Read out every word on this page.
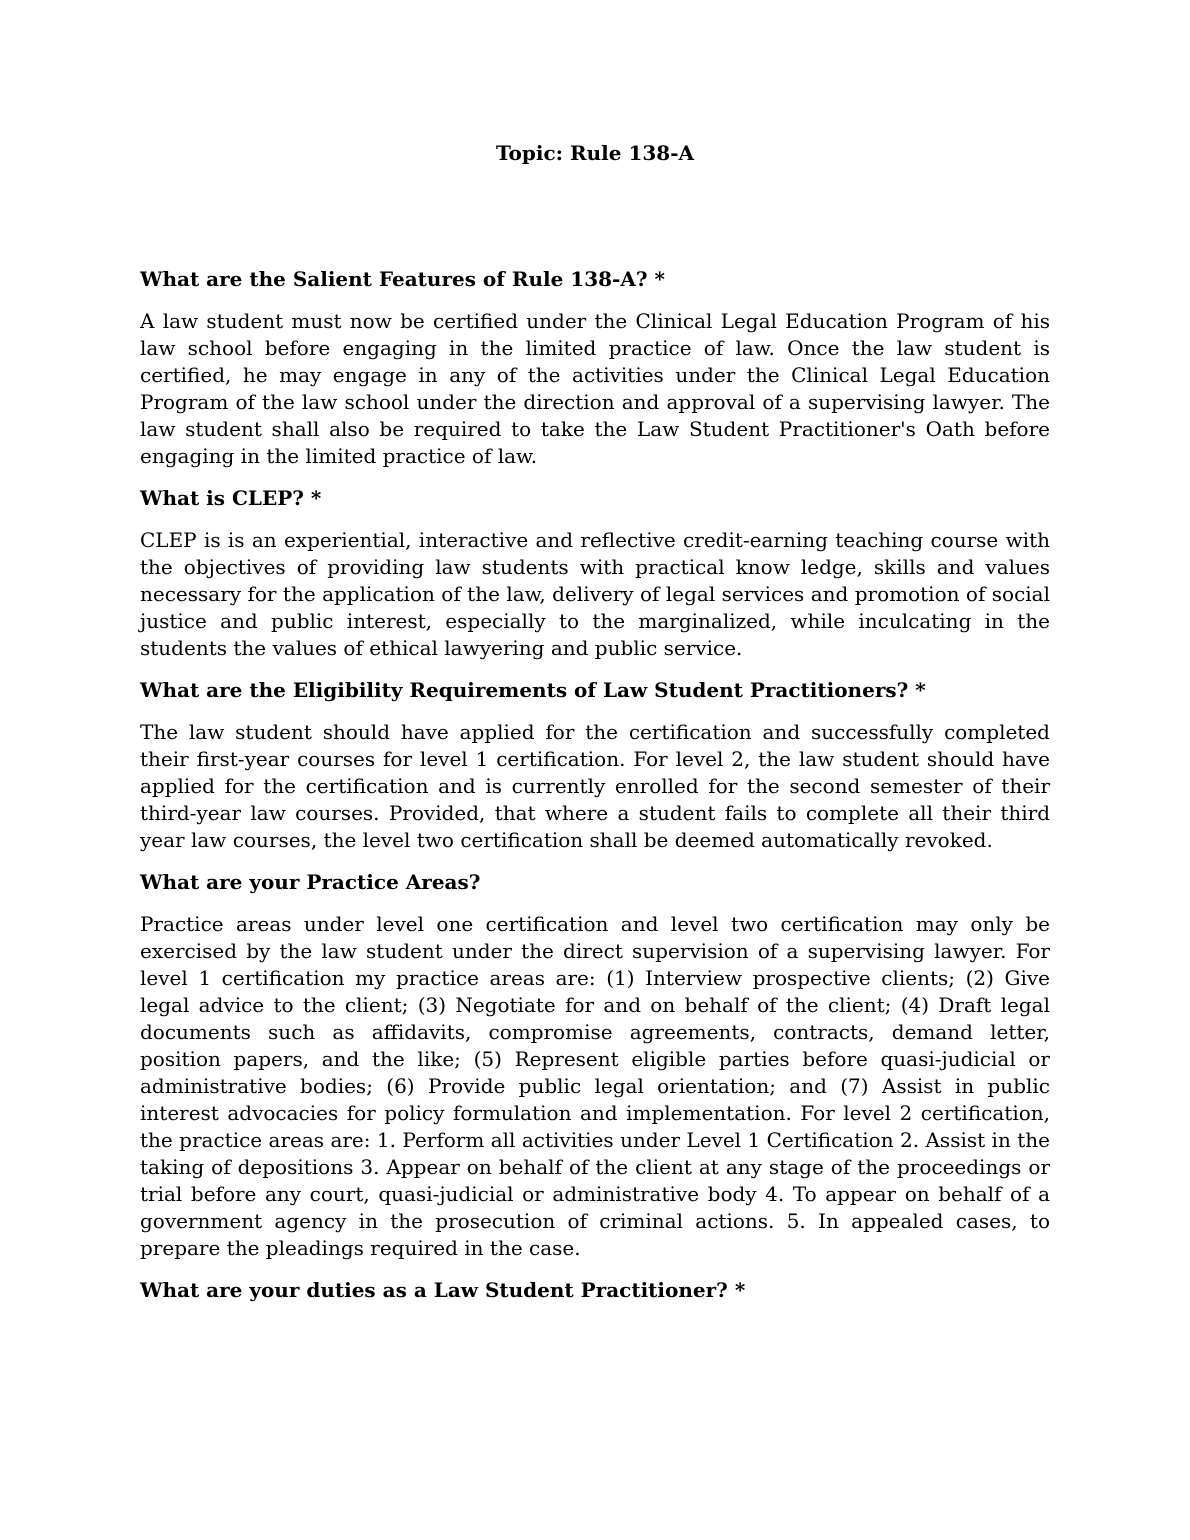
Topic: Rule 138-A

What are the Salient Features of Rule 138-A? *

A law student must now be certified under the Clinical Legal Education Program of his law school before engaging in the limited practice of law. Once the law student is certified, he may engage in any of the activities under the Clinical Legal Education Program of the law school under the direction and approval of a supervising lawyer. The law student shall also be required to take the Law Student Practitioner's Oath before engaging in the limited practice of law.

What is CLEP? *

CLEP is is an experiential, interactive and reflective credit-earning teaching course with the objectives of providing law students with practical know ledge, skills and values necessary for the application of the law, delivery of legal services and promotion of social justice and public interest, especially to the marginalized, while inculcating in the students the values of ethical lawyering and public service.

What are the Eligibility Requirements of Law Student Practitioners? *

The law student should have applied for the certification and successfully completed their first-year courses for level 1 certification. For level 2, the law student should have applied for the certification and is currently enrolled for the second semester of their third-year law courses. Provided, that where a student fails to complete all their third year law courses, the level two certification shall be deemed automatically revoked.

What are your Practice Areas?

Practice areas under level one certification and level two certification may only be exercised by the law student under the direct supervision of a supervising lawyer. For level 1 certification my practice areas are: (1) Interview prospective clients; (2) Give legal advice to the client; (3) Negotiate for and on behalf of the client; (4) Draft legal documents such as affidavits, compromise agreements, contracts, demand letter, position papers, and the like; (5) Represent eligible parties before quasi-judicial or administrative bodies; (6) Provide public legal orientation; and (7) Assist in public interest advocacies for policy formulation and implementation. For level 2 certification, the practice areas are: 1. Perform all activities under Level 1 Certification 2. Assist in the taking of depositions 3. Appear on behalf of the client at any stage of the proceedings or trial before any court, quasi-judicial or administrative body 4. To appear on behalf of a government agency in the prosecution of criminal actions. 5. In appealed cases, to prepare the pleadings required in the case.

What are your duties as a Law Student Practitioner? *
